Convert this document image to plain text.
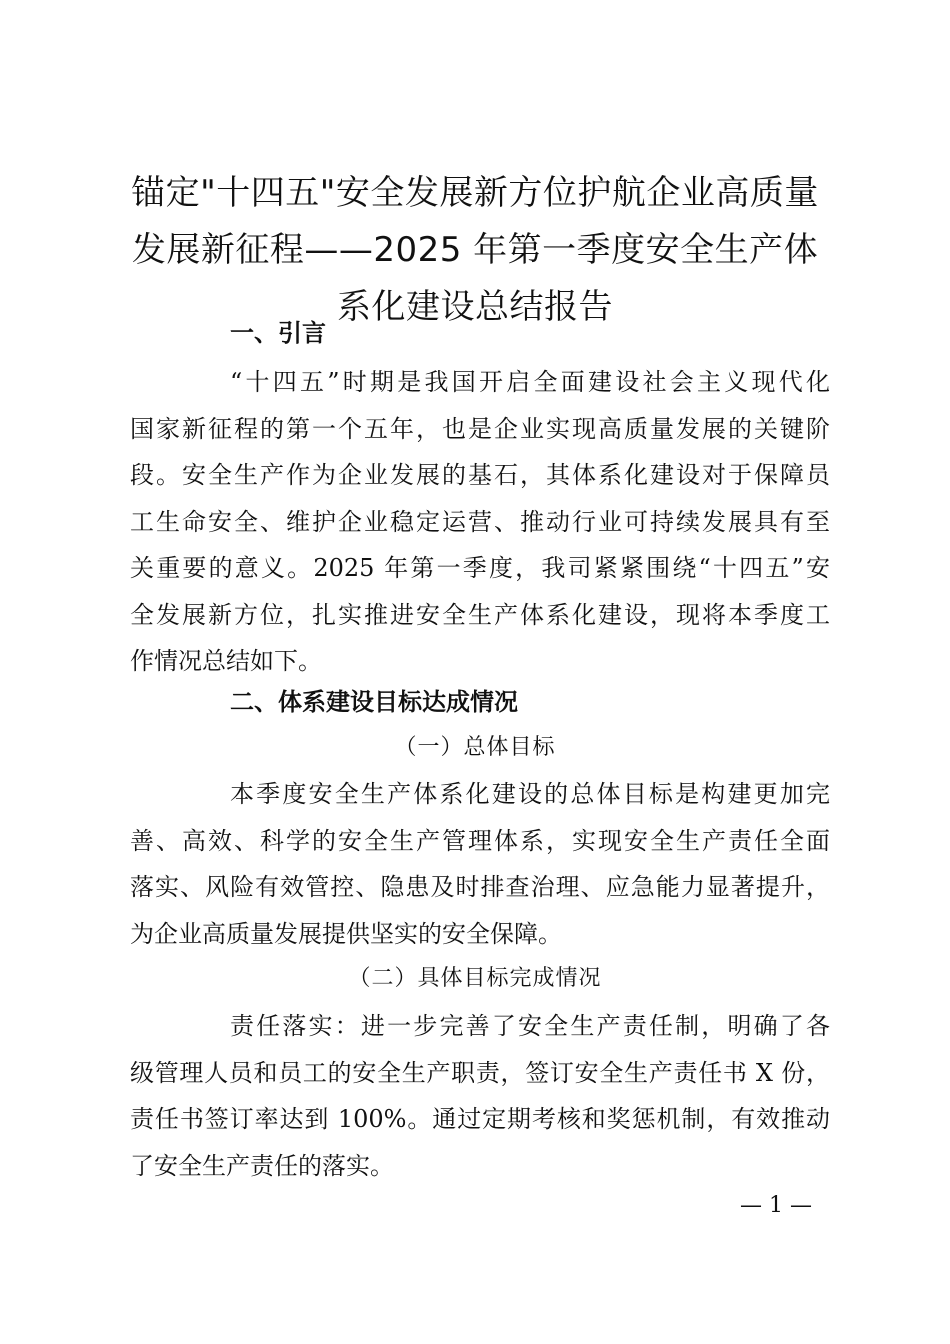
锚定"十四五"安全发展新方位护航企业高质量
发展新征程——2025 年第一季度安全生产体
系化建设总结报告
一、引言
“十四五”时期是我国开启全面建设社会主义现代化
国家新征程的第一个五年，也是企业实现高质量发展的关键阶
段。安全生产作为企业发展的基石，其体系化建设对于保障员
工生命安全、维护企业稳定运营、推动行业可持续发展具有至
关重要的意义。2025 年第一季度，我司紧紧围绕“十四五”安
全发展新方位，扎实推进安全生产体系化建设，现将本季度工
作情况总结如下。
二、体系建设目标达成情况
（一）总体目标
本季度安全生产体系化建设的总体目标是构建更加完
善、高效、科学的安全生产管理体系，实现安全生产责任全面
落实、风险有效管控、隐患及时排查治理、应急能力显著提升，
为企业高质量发展提供坚实的安全保障。
（二）具体目标完成情况
责任落实：进一步完善了安全生产责任制，明确了各
级管理人员和员工的安全生产职责，签订安全生产责任书 X 份，
责任书签订率达到 100%。通过定期考核和奖惩机制，有效推动
了安全生产责任的落实。
— 1 —
